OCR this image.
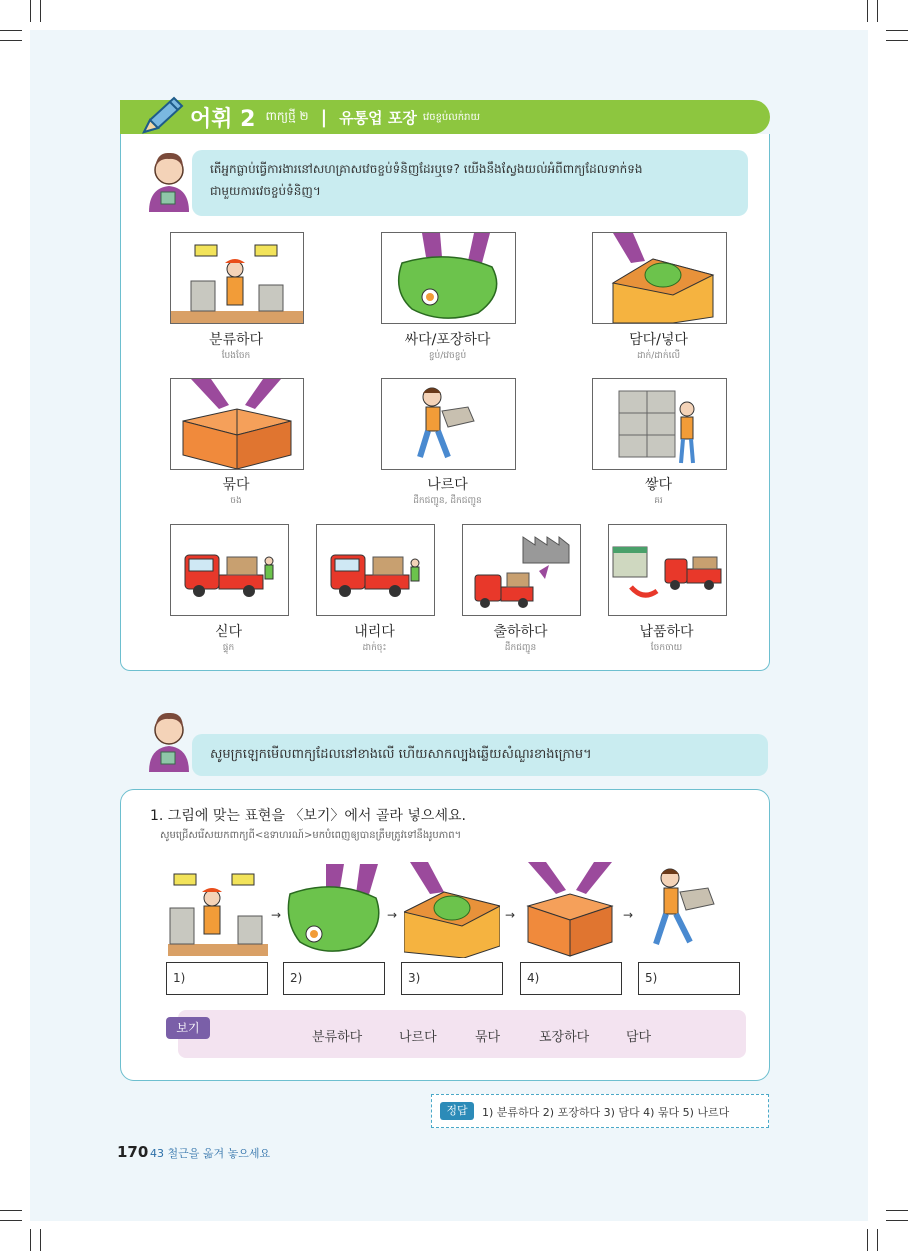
어휘 2 ពាក្យថ្មី ២ | 유통업 포장 វេចខ្ចប់លក់រាយ
តើអ្នកធ្លាប់ធ្វើការងារនៅសហគ្រាសវេចខ្ចប់ទំនិញដែរឬទេ? យើងនឹងស្វែងយល់អំពីពាក្យដែលទាក់ទង
ជាមួយការវេចខ្ចប់ទំនិញ។
분류하다
បែងចែក
싸다/포장하다
ខ្ចប់/វេចខ្ចប់
담다/넣다
ដាក់/ដាក់លើ
묶다
ចង
나르다
ដឹកជញ្ជូន, ដឹកជញ្ជូន
쌓다
គរ
싣다
ផ្ទុក
내리다
ដាក់ចុះ
출하하다
ដឹកជញ្ជូន
납품하다
ចែកចាយ
សូមក្រឡេកមើលពាក្យដែលនៅខាងលើ ហើយសាកល្បងឆ្លើយសំណួរខាងក្រោម។
1. 그림에 맞는 표현을 〈보기〉에서 골라 넣으세요.
សូមជ្រើសរើសយកពាក្យពី<ឧទាហរណ៍>មកបំពេញឲ្យបានត្រឹមត្រូវទៅនឹងរូបភាព។
→	→	→	→
1)	2)	3)	4)	5)
보기
분류하다	나르다	묶다	포장하다	담다
정답	1) 분류하다 2) 포장하다 3) 담다 4) 묶다 5) 나르다
170 43 철근을 옮겨 놓으세요
